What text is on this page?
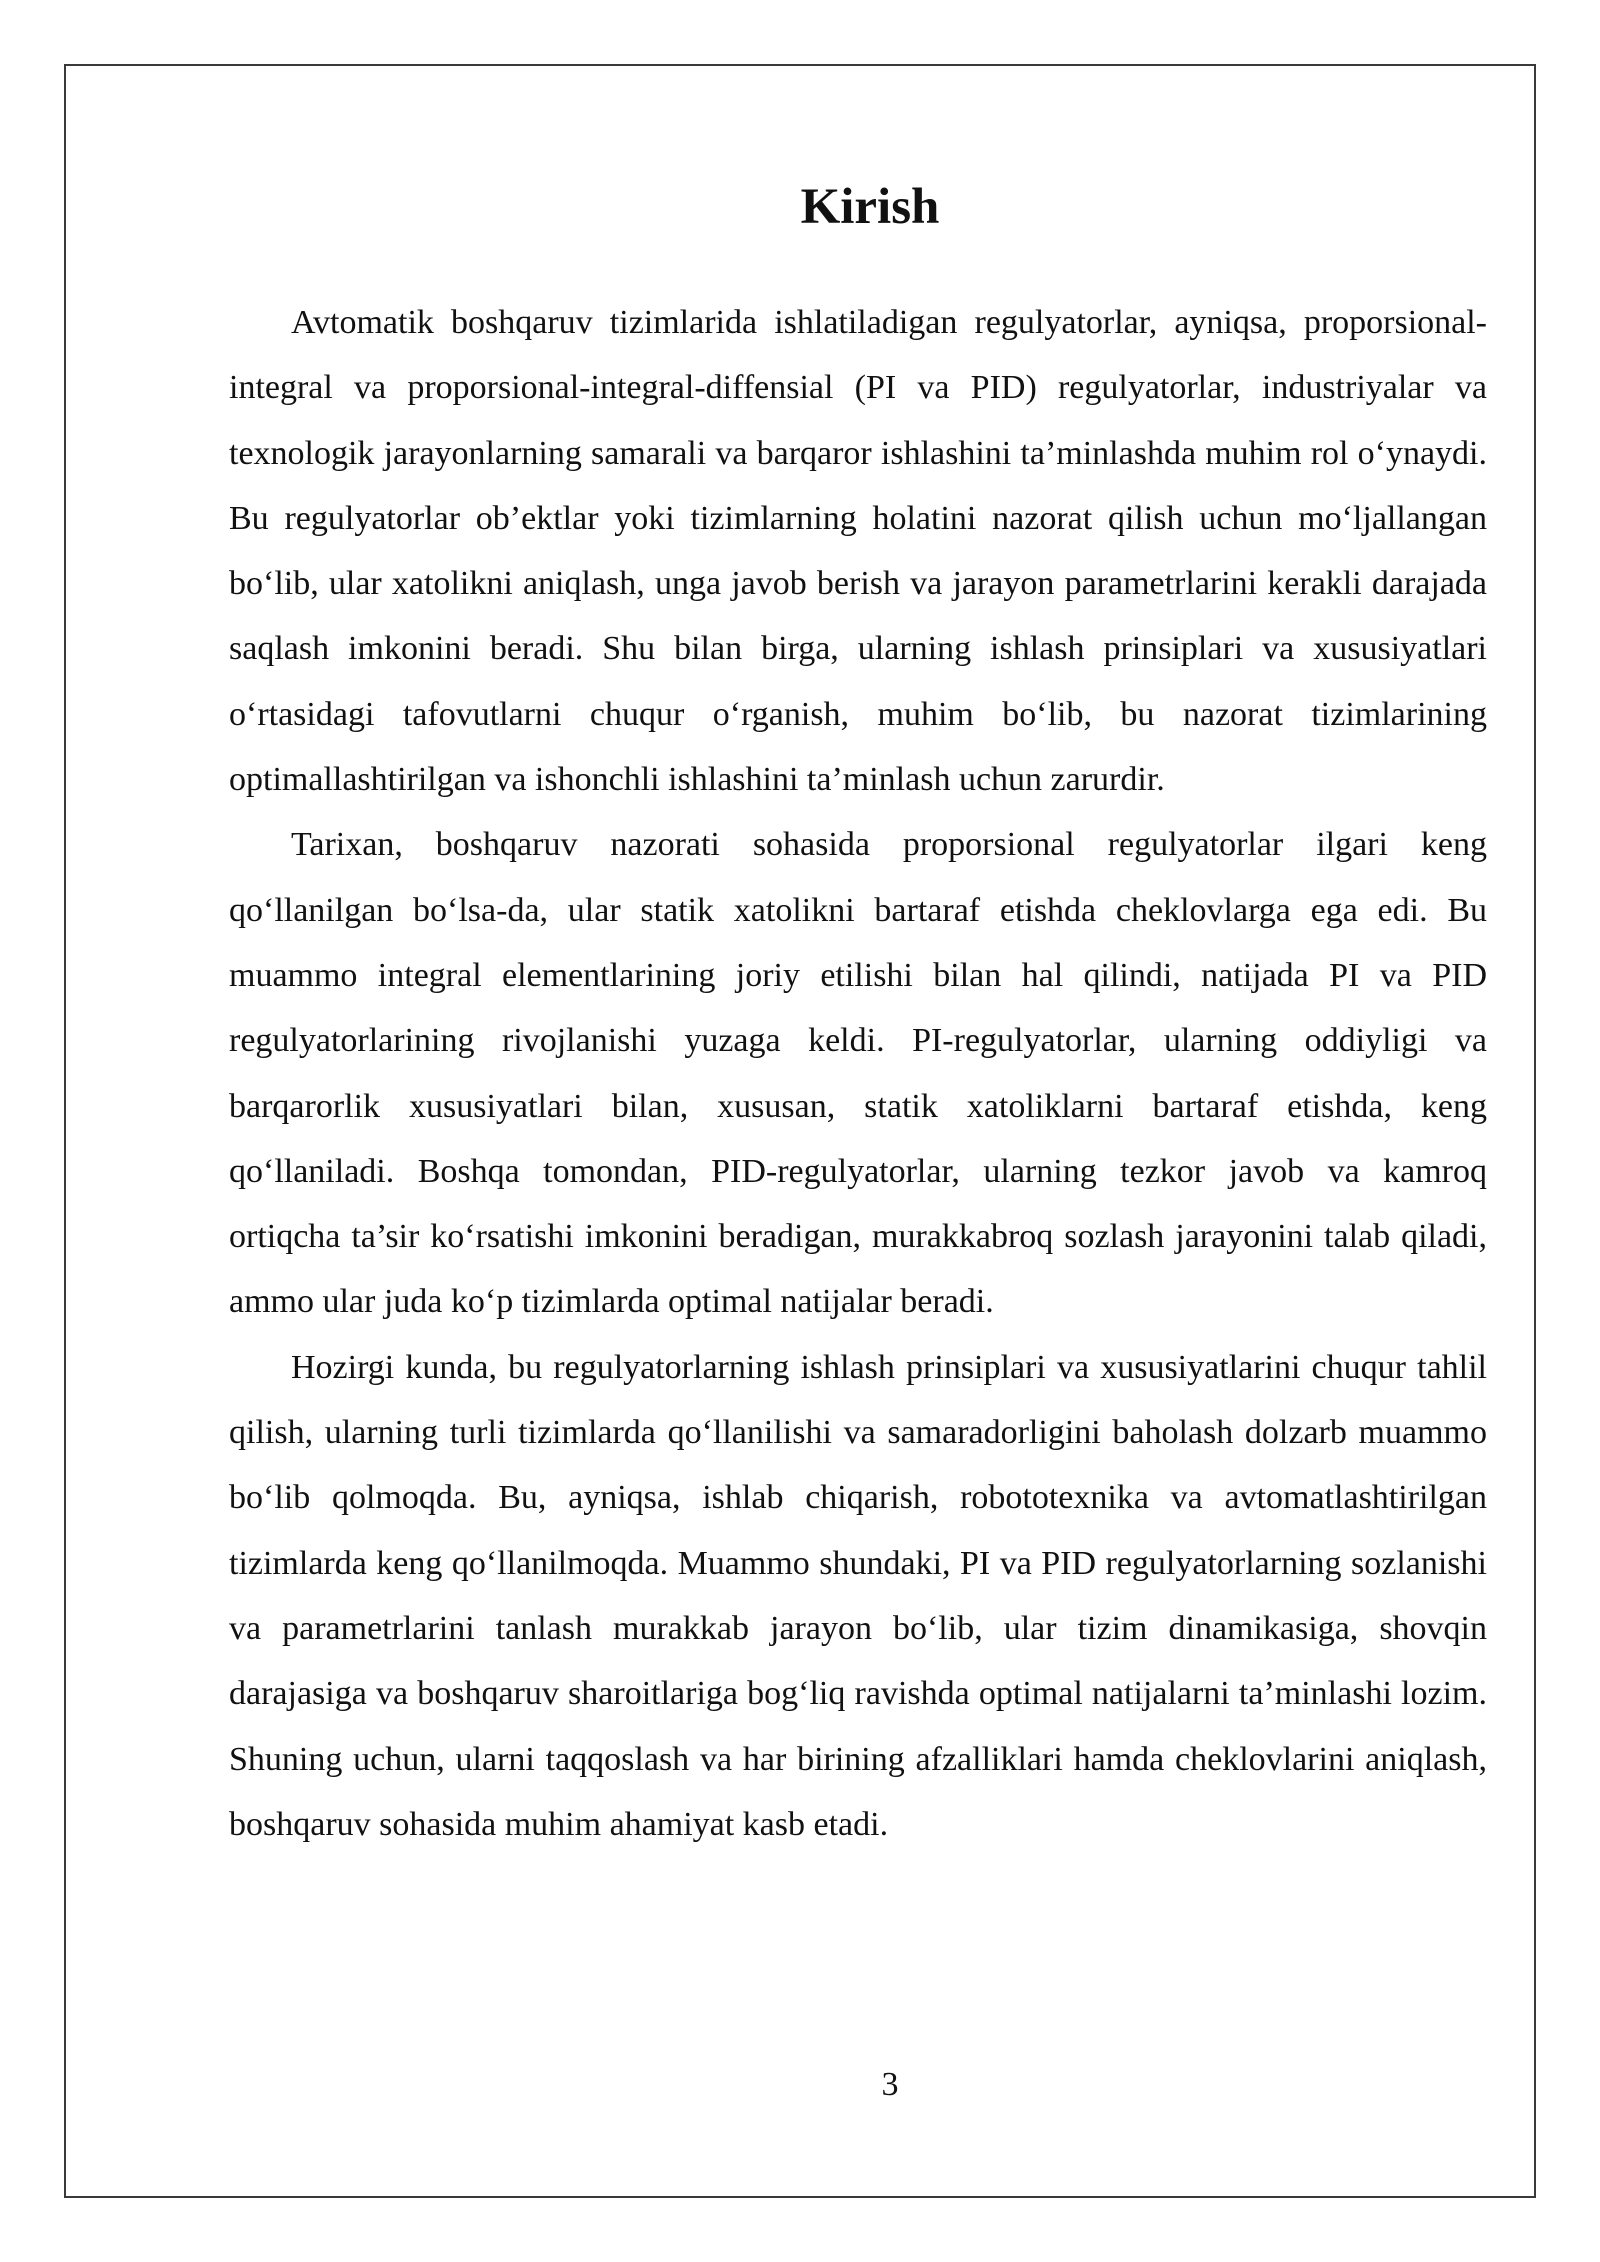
Kirish

Avtomatik boshqaruv tizimlarida ishlatiladigan regulyatorlar, ayniqsa, proporsional-integral va proporsional-integral-diffensial (PI va PID) regulyatorlar, industriyalar va texnologik jarayonlarning samarali va barqaror ishlashini ta’minlashda muhim rol o‘ynaydi. Bu regulyatorlar ob’ektlar yoki tizimlarning holatini nazorat qilish uchun mo‘ljallangan bo‘lib, ular xatolikni aniqlash, unga javob berish va jarayon parametrlarini kerakli darajada saqlash imkonini beradi. Shu bilan birga, ularning ishlash prinsiplari va xususiyatlari o‘rtasidagi tafovutlarni chuqur o‘rganish, muhim bo‘lib, bu nazorat tizimlarining optimallashtirilgan va ishonchli ishlashini ta’minlash uchun zarurdir.

Tarixan, boshqaruv nazorati sohasida proporsional regulyatorlar ilgari keng qo‘llanilgan bo‘lsa-da, ular statik xatolikni bartaraf etishda cheklovlarga ega edi. Bu muammo integral elementlarining joriy etilishi bilan hal qilindi, natijada PI va PID regulyatorlarining rivojlanishi yuzaga keldi. PI-regulyatorlar, ularning oddiyligi va barqarorlik xususiyatlari bilan, xususan, statik xatoliklarni bartaraf etishda, keng qo‘llaniladi. Boshqa tomondan, PID-regulyatorlar, ularning tezkor javob va kamroq ortiqcha ta’sir ko‘rsatishi imkonini beradigan, murakkabroq sozlash jarayonini talab qiladi, ammo ular juda ko‘p tizimlarda optimal natijalar beradi.

Hozirgi kunda, bu regulyatorlarning ishlash prinsiplari va xususiyatlarini chuqur tahlil qilish, ularning turli tizimlarda qo‘llanilishi va samaradorligini baholash dolzarb muammo bo‘lib qolmoqda. Bu, ayniqsa, ishlab chiqarish, robototexnika va avtomatlashtirilgan tizimlarda keng qo‘llanilmoqda. Muammo shundaki, PI va PID regulyatorlarning sozlanishi va parametrlarini tanlash murakkab jarayon bo‘lib, ular tizim dinamikasiga, shovqin darajasiga va boshqaruv sharoitlariga bog‘liq ravishda optimal natijalarni ta’minlashi lozim. Shuning uchun, ularni taqqoslash va har birining afzalliklari hamda cheklovlarini aniqlash, boshqaruv sohasida muhim ahamiyat kasb etadi.

3
